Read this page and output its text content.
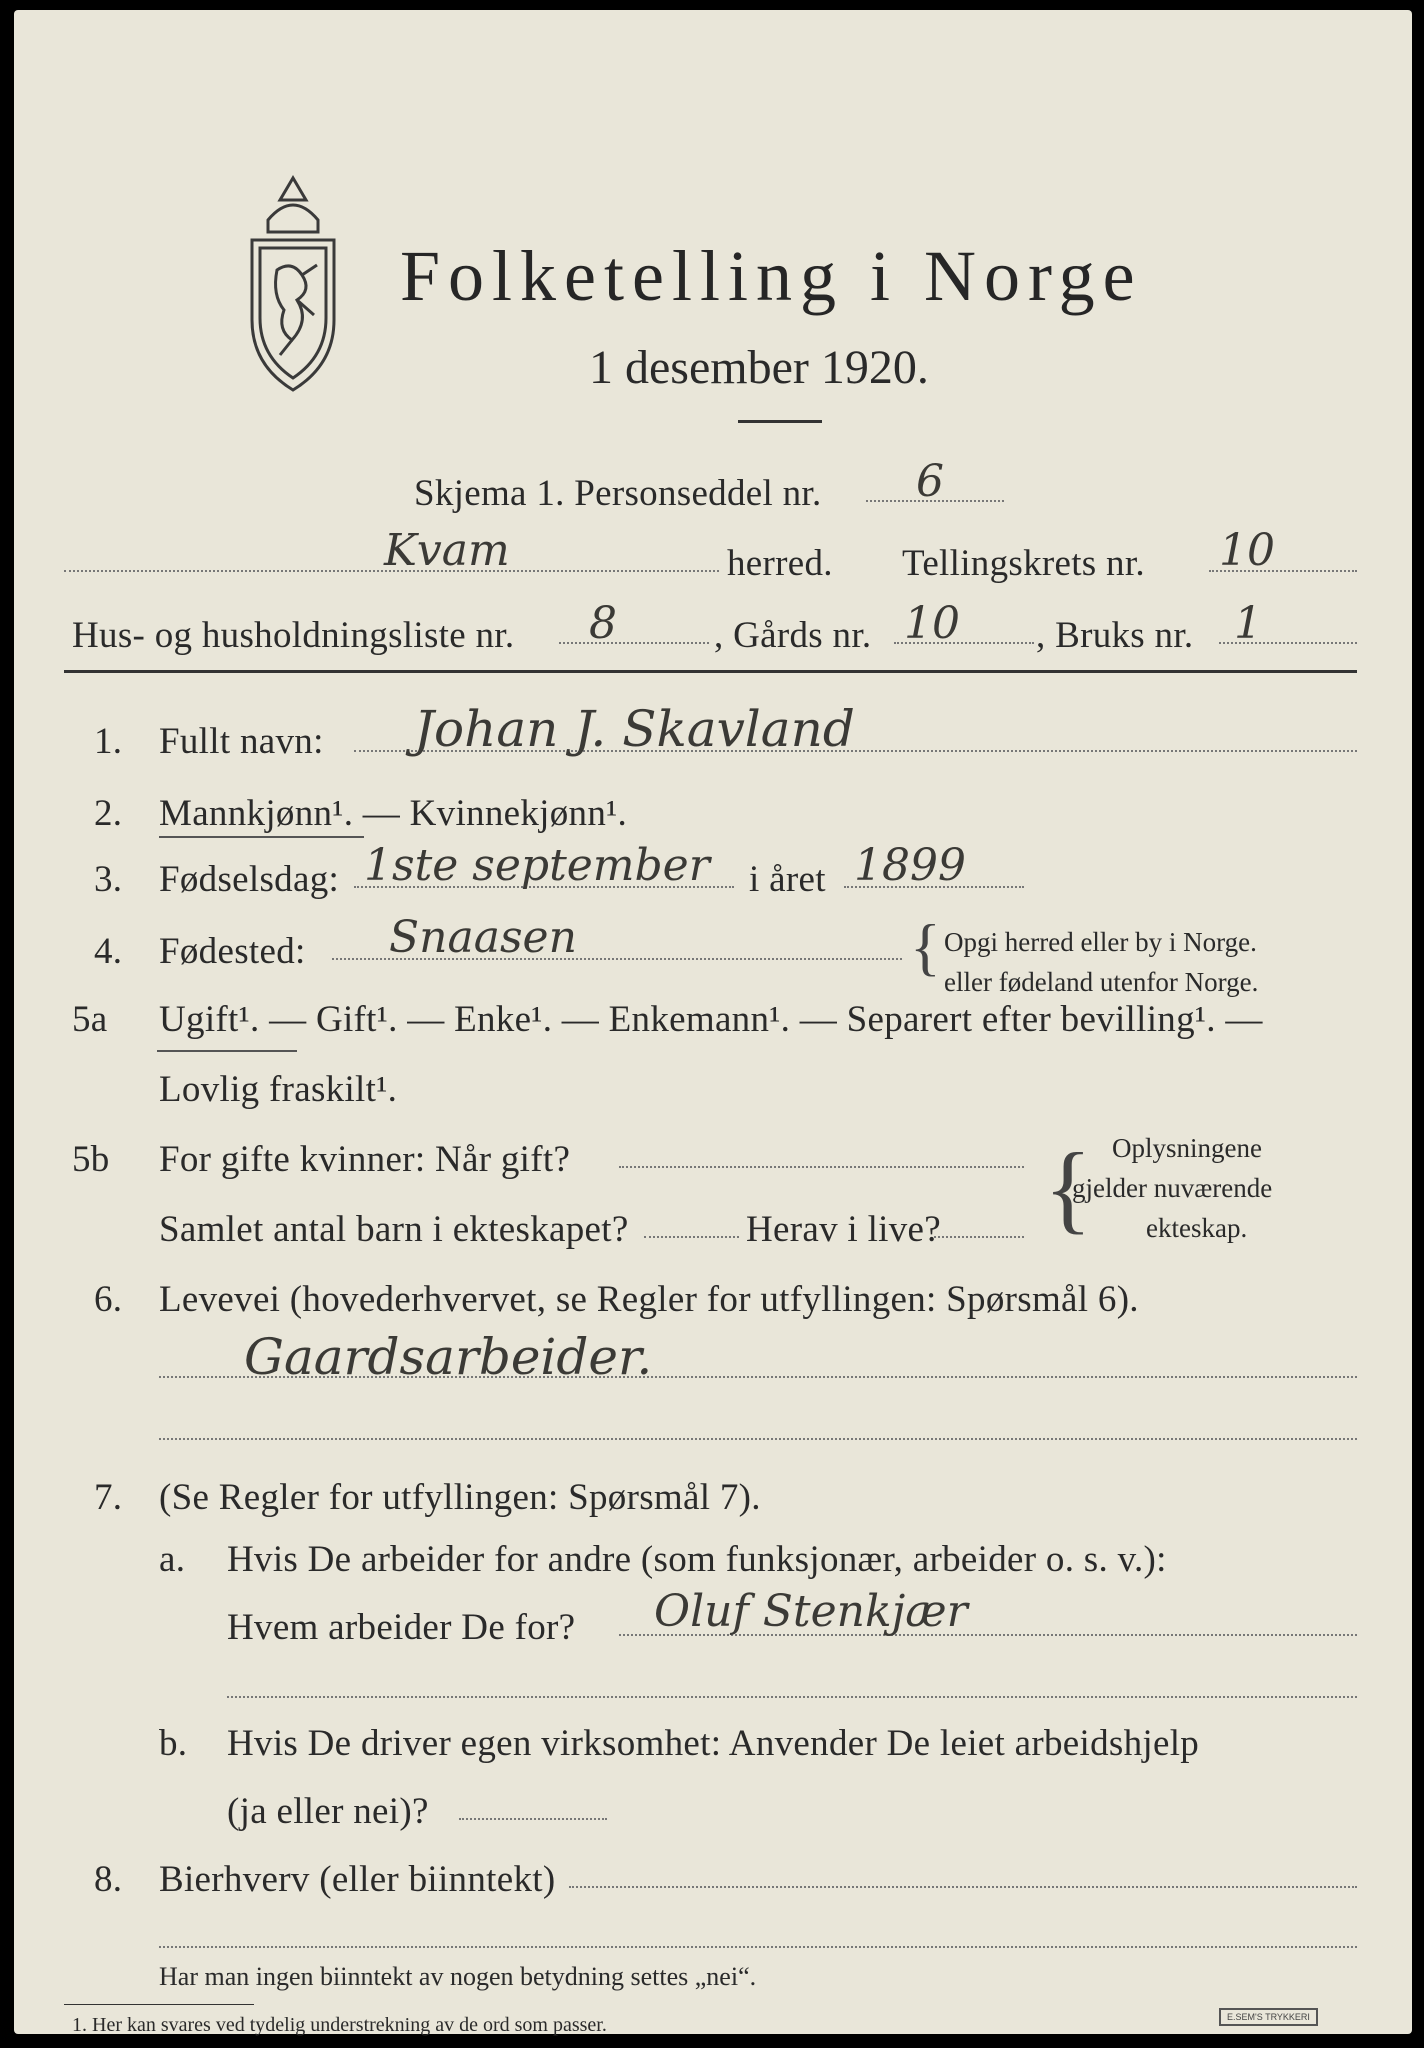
Folketelling i Norge
1 desember 1920.
Skjema 1. Personseddel nr. 6
Kvam	herred. Tellingskrets nr. 10
Hus- og husholdningsliste nr. 8	, Gårds nr. 10 , Bruks nr. 1
1. Fullt navn: Johan J. Skavland
2. Mannkjønn¹. — Kvinnekjønn¹.
3. Fødselsdag: 1ste september i året 1899
4. Fødested: Snaasen	{ Opgi herred eller by i Norge.
eller fødeland utenfor Norge.
5a Ugift¹. — Gift¹. — Enke¹. — Enkemann¹. — Separert efter bevilling¹. —
Lovlig fraskilt¹.
5b For gifte kvinner: Når gift?
Samlet antal barn i ekteskapet?	Herav i live? { Oplysningene
gjelder nuværende
ekteskap.
6. Levevei (hovederhvervet, se Regler for utfyllingen: Spørsmål 6).
Gaardsarbeider.
7. (Se Regler for utfyllingen: Spørsmål 7).
a. Hvis De arbeider for andre (som funksjonær, arbeider o. s. v.):
Hvem arbeider De for? Oluf Stenkjær
b. Hvis De driver egen virksomhet: Anvender De leiet arbeidshjelp
(ja eller nei)?
8. Bierhverv (eller biinntekt)
Har man ingen biinntekt av nogen betydning settes „nei“.
1. Her kan svares ved tydelig understrekning av de ord som passer.	E.SEM'S TRYKKERI
